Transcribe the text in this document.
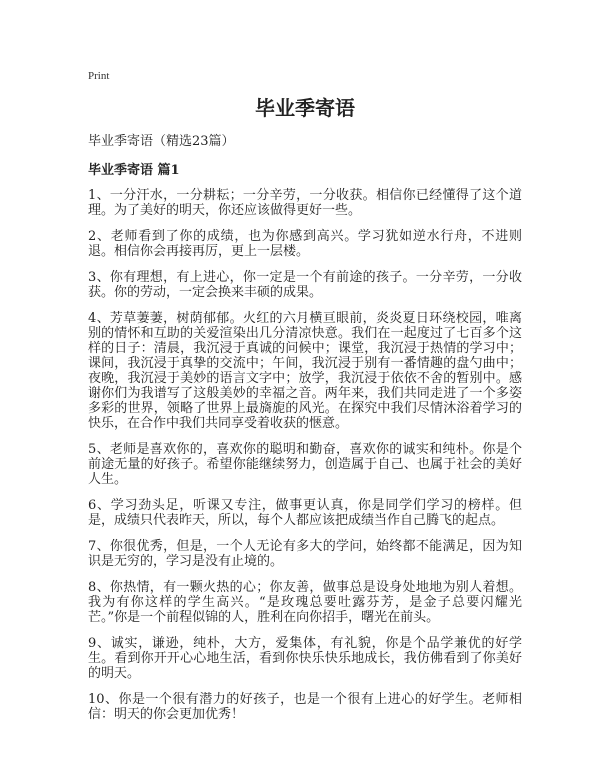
Print
毕业季寄语
毕业季寄语（精选23篇）
毕业季寄语 篇1

1、一分汗水，一分耕耘；一分辛劳，一分收获。相信你已经懂得了这个道理。为了美好的明天，你还应该做得更好一些。

2、老师看到了你的成绩，也为你感到高兴。学习犹如逆水行舟，不进则退。相信你会再接再厉，更上一层楼。

3、你有理想，有上进心，你一定是一个有前途的孩子。一分辛劳，一分收获。你的劳动，一定会换来丰硕的成果。

4、芳草萋萋，树荫郁郁。火红的六月横亘眼前，炎炎夏日环绕校园，唯离别的情怀和互助的关爱渲染出几分清凉快意。我们在一起度过了七百多个这样的日子：清晨，我沉浸于真诚的问候中；课堂，我沉浸于热情的学习中；课间，我沉浸于真挚的交流中；午间，我沉浸于别有一番情趣的盘勺曲中；夜晚，我沉浸于美妙的语言文字中；放学，我沉浸于依依不舍的暂别中。感谢你们为我谱写了这般美妙的幸福之音。两年来，我们共同走进了一个多姿多彩的世界，领略了世界上最旖旎的风光。在探究中我们尽情沐浴着学习的快乐，在合作中我们共同享受着收获的惬意。

5、老师是喜欢你的，喜欢你的聪明和勤奋，喜欢你的诚实和纯朴。你是个前途无量的好孩子。希望你能继续努力，创造属于自己、也属于社会的美好人生。

6、学习劲头足，听课又专注，做事更认真，你是同学们学习的榜样。但是，成绩只代表昨天，所以，每个人都应该把成绩当作自己腾飞的起点。

7、你很优秀，但是，一个人无论有多大的学问，始终都不能满足，因为知识是无穷的，学习是没有止境的。

8、你热情，有一颗火热的心；你友善，做事总是设身处地地为别人着想。我为有你这样的学生高兴。“是玫瑰总要吐露芬芳，是金子总要闪耀光芒。”你是一个前程似锦的人，胜利在向你招手，曙光在前头。

9、诚实，谦逊，纯朴，大方，爱集体，有礼貌，你是个品学兼优的好学生。看到你开开心心地生活，看到你快乐快乐地成长，我仿佛看到了你美好的明天。

10、你是一个很有潜力的好孩子，也是一个很有上进心的好学生。老师相信：明天的你会更加优秀！
